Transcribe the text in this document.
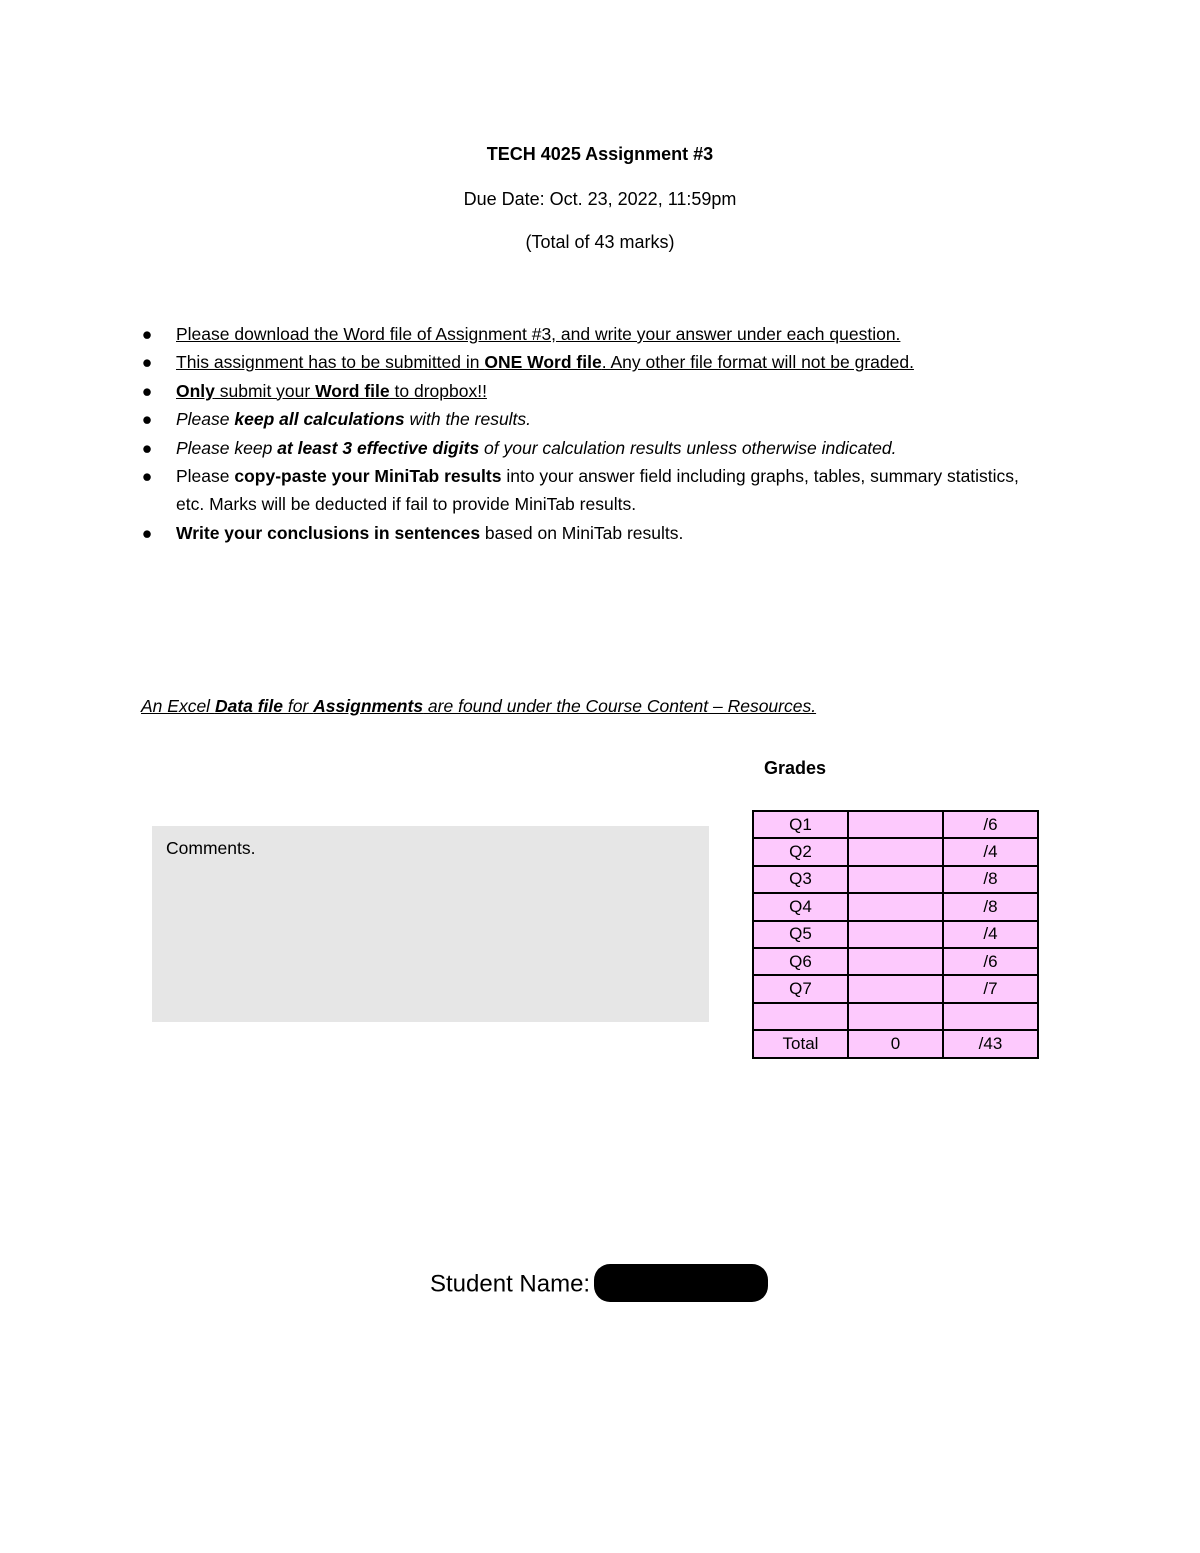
TECH 4025 Assignment #3
Due Date: Oct. 23, 2022, 11:59pm
(Total of 43 marks)
● Please download the Word file of Assignment #3, and write your answer under each question.
● This assignment has to be submitted in ONE Word file. Any other file format will not be graded.
● Only submit your Word file to dropbox!!
● Please keep all calculations with the results.
● Please keep at least 3 effective digits of your calculation results unless otherwise indicated.
● Please copy-paste your MiniTab results into your answer field including graphs, tables, summary statistics, etc. Marks will be deducted if fail to provide MiniTab results.
● Write your conclusions in sentences based on MiniTab results.
An Excel Data file for Assignments are found under the Course Content – Resources.
Grades
Comments.
Q1		/6
Q2		/4
Q3		/8
Q4		/8
Q5		/4
Q6		/6
Q7		/7

Total	0	/43
Student Name:
